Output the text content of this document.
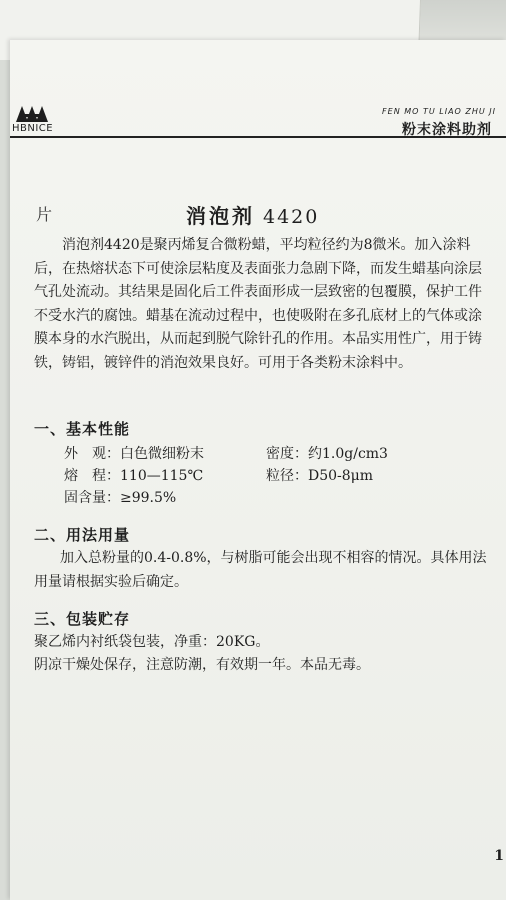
HBNICE
FEN MO TU LIAO ZHU JI
粉末涂料助剂
片	消泡剂 4420
消泡剂4420是聚丙烯复合微粉蜡，平均粒径约为8微米。加入涂料后，在热熔状态下可使涂层粘度及表面张力急剧下降，而发生蜡基向涂层气孔处流动。其结果是固化后工件表面形成一层致密的包覆膜，保护工件不受水汽的腐蚀。蜡基在流动过程中，也使吸附在多孔底材上的气体或涂膜本身的水汽脱出，从而起到脱气除针孔的作用。本品实用性广，用于铸铁，铸铝，镀锌件的消泡效果良好。可用于各类粉末涂料中。
一、基本性能
外　观：白色微细粉末	密度：约1.0g/cm3
熔　程：110—115℃	粒径：D50-8μm
固含量：≥99.5%
二、用法用量
加入总粉量的0.4-0.8%，与树脂可能会出现不相容的情况。具体用法用量请根据实验后确定。
三、包装贮存
聚乙烯内衬纸袋包装，净重：20KG。
阴凉干燥处保存，注意防潮，有效期一年。本品无毒。
1
